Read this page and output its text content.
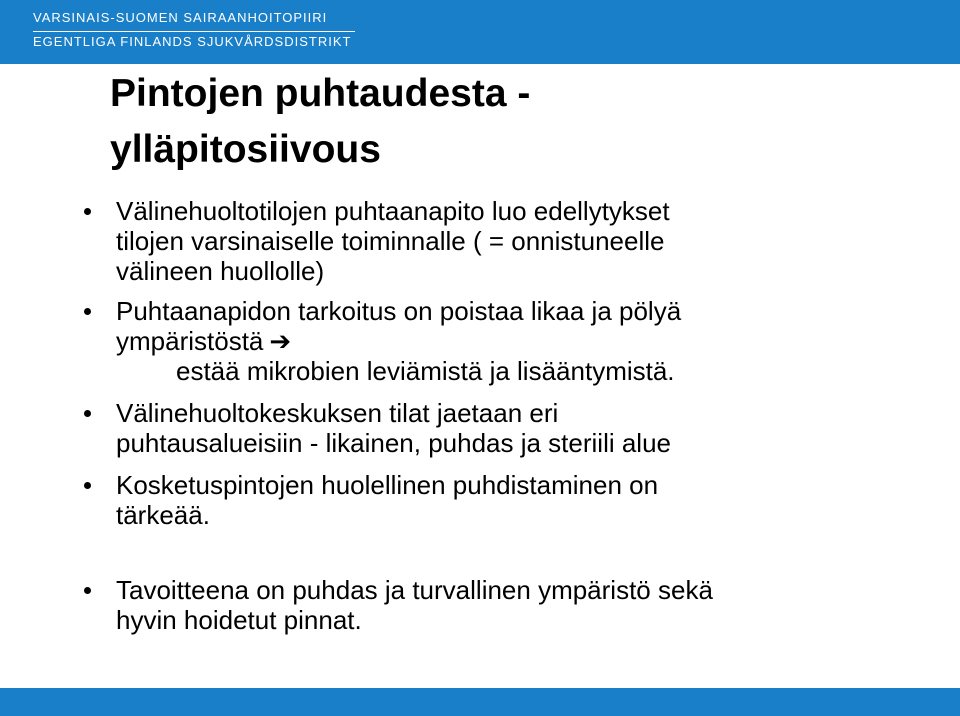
VARSINAIS-SUOMEN SAIRAANHOITOPIIRI
EGENTLIGA FINLANDS SJUKVÅRDSDISTRIKT
Pintojen puhtaudesta -
ylläpitosiivous
Välinehuoltotilojen puhtaanapito luo edellytykset
tilojen varsinaiselle toiminnalle ( = onnistuneelle
välineen huollolle)
Puhtaanapidon tarkoitus on poistaa likaa ja pölyä
ympäristöstä ➔
estää mikrobien leviämistä ja lisääntymistä.
Välinehuoltokeskuksen tilat jaetaan eri
puhtausalueisiin - likainen, puhdas ja steriili alue
Kosketuspintojen huolellinen puhdistaminen on
tärkeää.
Tavoitteena on puhdas ja turvallinen ympäristö sekä
hyvin hoidetut pinnat.
